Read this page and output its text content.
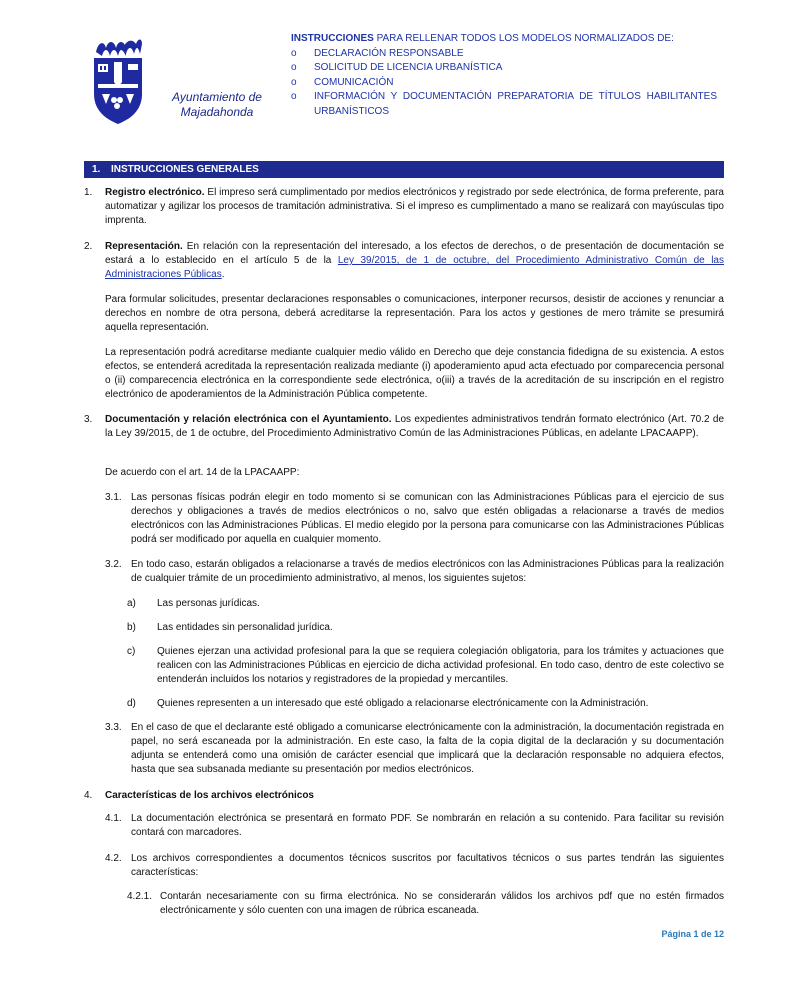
Ayuntamiento de
Majadahonda
INSTRUCCIONES PARA RELLENAR TODOS LOS MODELOS NORMALIZADOS DE:
o	DECLARACIÓN RESPONSABLE
o	SOLICITUD DE LICENCIA URBANÍSTICA
o	COMUNICACIÓN
o	INFORMACIÓN Y DOCUMENTACIÓN PREPARATORIA DE TÍTULOS HABILITANTES URBANÍSTICOS
1. INSTRUCCIONES GENERALES
1. Registro electrónico. El impreso será cumplimentado por medios electrónicos y registrado por sede electrónica, de forma preferente, para automatizar y agilizar los procesos de tramitación administrativa. Si el impreso es cumplimentado a mano se realizará con mayúsculas tipo imprenta.
2. Representación. En relación con la representación del interesado, a los efectos de derechos, o de presentación de documentación se estará a lo establecido en el artículo 5 de la Ley 39/2015, de 1 de octubre, del Procedimiento Administrativo Común de las Administraciones Públicas.
Para formular solicitudes, presentar declaraciones responsables o comunicaciones, interponer recursos, desistir de acciones y renunciar a derechos en nombre de otra persona, deberá acreditarse la representación. Para los actos y gestiones de mero trámite se presumirá aquella representación.
La representación podrá acreditarse mediante cualquier medio válido en Derecho que deje constancia fidedigna de su existencia. A estos efectos, se entenderá acreditada la representación realizada mediante (i) apoderamiento apud acta efectuado por comparecencia personal o (ii) comparecencia electrónica en la correspondiente sede electrónica, o(iii) a través de la acreditación de su inscripción en el registro electrónico de apoderamientos de la Administración Pública competente.
3. Documentación y relación electrónica con el Ayuntamiento. Los expedientes administrativos tendrán formato electrónico (Art. 70.2 de la Ley 39/2015, de 1 de octubre, del Procedimiento Administrativo Común de las Administraciones Públicas, en adelante LPACAAPP).
De acuerdo con el art. 14 de la LPACAAPP:
3.1. Las personas físicas podrán elegir en todo momento si se comunican con las Administraciones Públicas para el ejercicio de sus derechos y obligaciones a través de medios electrónicos o no, salvo que estén obligadas a relacionarse a través de medios electrónicos con las Administraciones Públicas. El medio elegido por la persona para comunicarse con las Administraciones Públicas podrá ser modificado por aquella en cualquier momento.
3.2. En todo caso, estarán obligados a relacionarse a través de medios electrónicos con las Administraciones Públicas para la realización de cualquier trámite de un procedimiento administrativo, al menos, los siguientes sujetos:
a) Las personas jurídicas.
b) Las entidades sin personalidad jurídica.
c) Quienes ejerzan una actividad profesional para la que se requiera colegiación obligatoria, para los trámites y actuaciones que realicen con las Administraciones Públicas en ejercicio de dicha actividad profesional. En todo caso, dentro de este colectivo se entenderán incluidos los notarios y registradores de la propiedad y mercantiles.
d) Quienes representen a un interesado que esté obligado a relacionarse electrónicamente con la Administración.
3.3. En el caso de que el declarante esté obligado a comunicarse electrónicamente con la administración, la documentación registrada en papel, no será escaneada por la administración. En este caso, la falta de la copia digital de la declaración y su documentación adjunta se entenderá como una omisión de carácter esencial que implicará que la declaración responsable no adquiera efectos, hasta que sea subsanada mediante su presentación por medios electrónicos.
4. Características de los archivos electrónicos
4.1. La documentación electrónica se presentará en formato PDF. Se nombrarán en relación a su contenido. Para facilitar su revisión contará con marcadores.
4.2. Los archivos correspondientes a documentos técnicos suscritos por facultativos técnicos o sus partes tendrán las siguientes características:
4.2.1. Contarán necesariamente con su firma electrónica. No se considerarán válidos los archivos pdf que no estén firmados electrónicamente y sólo cuenten con una imagen de rúbrica escaneada.
Página 1 de 12
